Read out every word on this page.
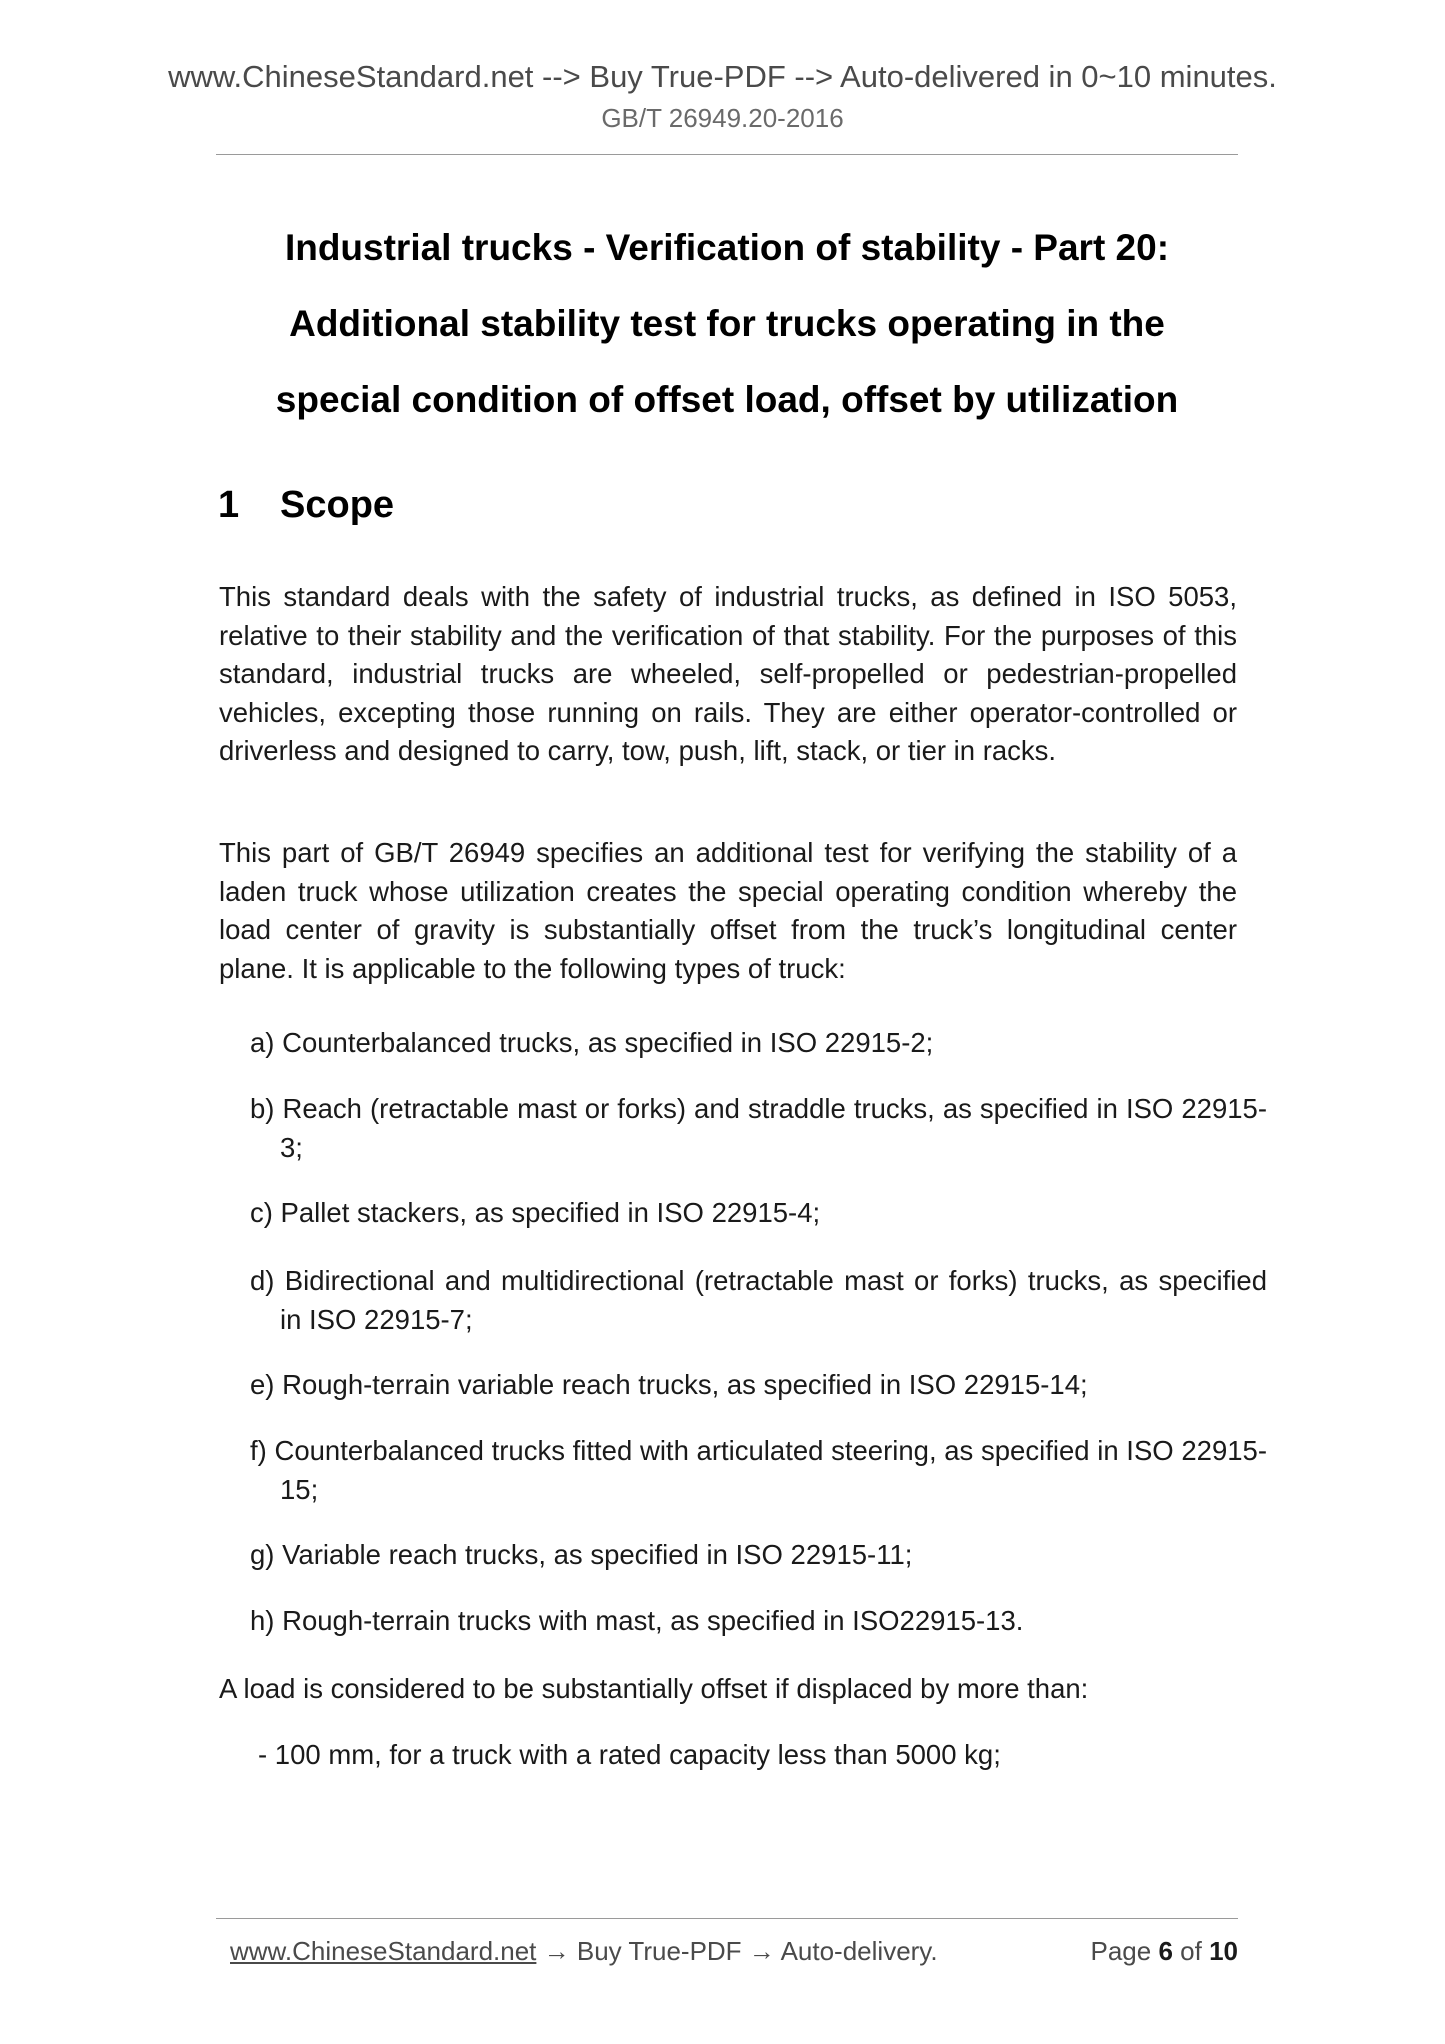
www.ChineseStandard.net --> Buy True-PDF --> Auto-delivered in 0~10 minutes.
GB/T 26949.20-2016
Industrial trucks - Verification of stability - Part 20:
Additional stability test for trucks operating in the
special condition of offset load, offset by utilization
1 Scope

This standard deals with the safety of industrial trucks, as defined in ISO 5053, relative to their stability and the verification of that stability. For the purposes of this standard, industrial trucks are wheeled, self-propelled or pedestrian-propelled vehicles, excepting those running on rails. They are either operator-controlled or driverless and designed to carry, tow, push, lift, stack, or tier in racks.

This part of GB/T 26949 specifies an additional test for verifying the stability of a laden truck whose utilization creates the special operating condition whereby the load center of gravity is substantially offset from the truck’s longitudinal center plane. It is applicable to the following types of truck:

a) Counterbalanced trucks, as specified in ISO 22915-2;
b) Reach (retractable mast or forks) and straddle trucks, as specified in ISO 22915-3;
c) Pallet stackers, as specified in ISO 22915-4;
d) Bidirectional and multidirectional (retractable mast or forks) trucks, as specified in ISO 22915-7;
e) Rough-terrain variable reach trucks, as specified in ISO 22915-14;
f) Counterbalanced trucks fitted with articulated steering, as specified in ISO 22915-15;
g) Variable reach trucks, as specified in ISO 22915-11;
h) Rough-terrain trucks with mast, as specified in ISO22915-13.
A load is considered to be substantially offset if displaced by more than:
- 100 mm, for a truck with a rated capacity less than 5000 kg;
www.ChineseStandard.net → Buy True-PDF → Auto-delivery.	Page 6 of 10
